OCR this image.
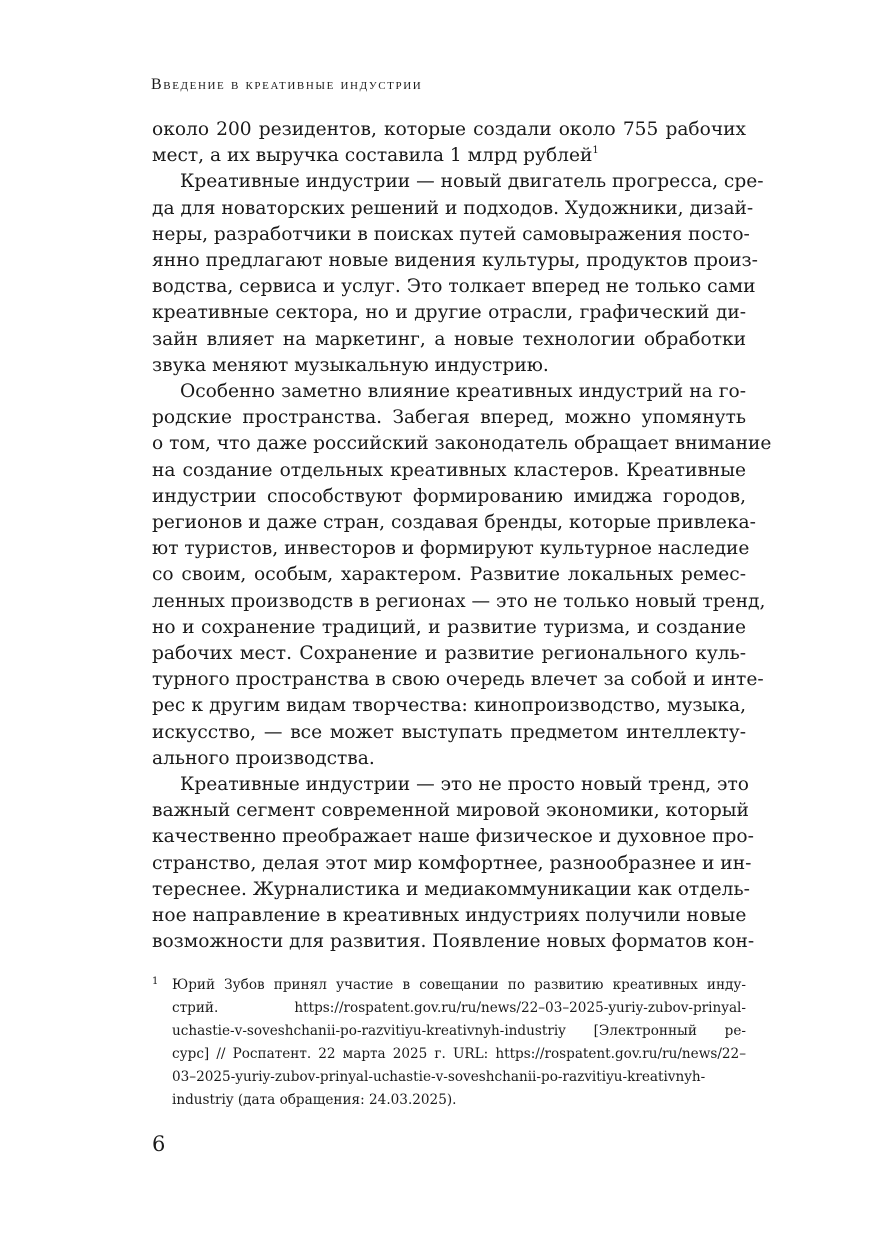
Введение в креативные индустрии

около 200 резидентов, которые создали около 755 рабочих
мест, а их выручка составила 1 млрд рублей$^1$

Креативные индустрии — новый двигатель прогресса, сре-
да для новаторских решений и подходов. Художники, дизай-
неры, разработчики в поисках путей самовыражения посто-
янно предлагают новые видения культуры, продуктов произ-
водства, сервиса и услуг. Это толкает вперед не только сами
креативные сектора, но и другие отрасли, графический ди-
зайн влияет на маркетинг, а новые технологии обработки
звука меняют музыкальную индустрию.

Особенно заметно влияние креативных индустрий на го-
родские пространства. Забегая вперед, можно упомянуть
о том, что даже российский законодатель обращает внимание
на создание отдельных креативных кластеров. Креативные
индустрии способствуют формированию имиджа городов,
регионов и даже стран, создавая бренды, которые привлека-
ют туристов, инвесторов и формируют культурное наследие
со своим, особым, характером. Развитие локальных ремес-
ленных производств в регионах — это не только новый тренд,
но и сохранение традиций, и развитие туризма, и создание
рабочих мест. Сохранение и развитие регионального куль-
турного пространства в свою очередь влечет за собой и инте-
рес к другим видам творчества: кинопроизводство, музыка,
искусство, — все может выступать предметом интеллекту-
ального производства.

Креативные индустрии — это не просто новый тренд, это
важный сегмент современной мировой экономики, который
качественно преображает наше физическое и духовное про-
странство, делая этот мир комфортнее, разнообразнее и ин-
тереснее. Журналистика и медиакоммуникации как отдель-
ное направление в креативных индустриях получили новые
возможности для развития. Появление новых форматов кон-

1 Юрий Зубов принял участие в совещании по развитию креативных инду-
стрий. https://rospatent.gov.ru/ru/news/22–03–2025-yuriy-zubov-prinyal-
uchastie-v-soveshchanii-po-razvitiyu-kreativnyh-industriy [Электронный ре-
сурс] // Роспатент. 22 марта 2025 г. URL: https://rospatent.gov.ru/ru/news/22–
03–2025-yuriy-zubov-prinyal-uchastie-v-soveshchanii-po-razvitiyu-kreativnyh-
industriy (дата обращения: 24.03.2025).
6
